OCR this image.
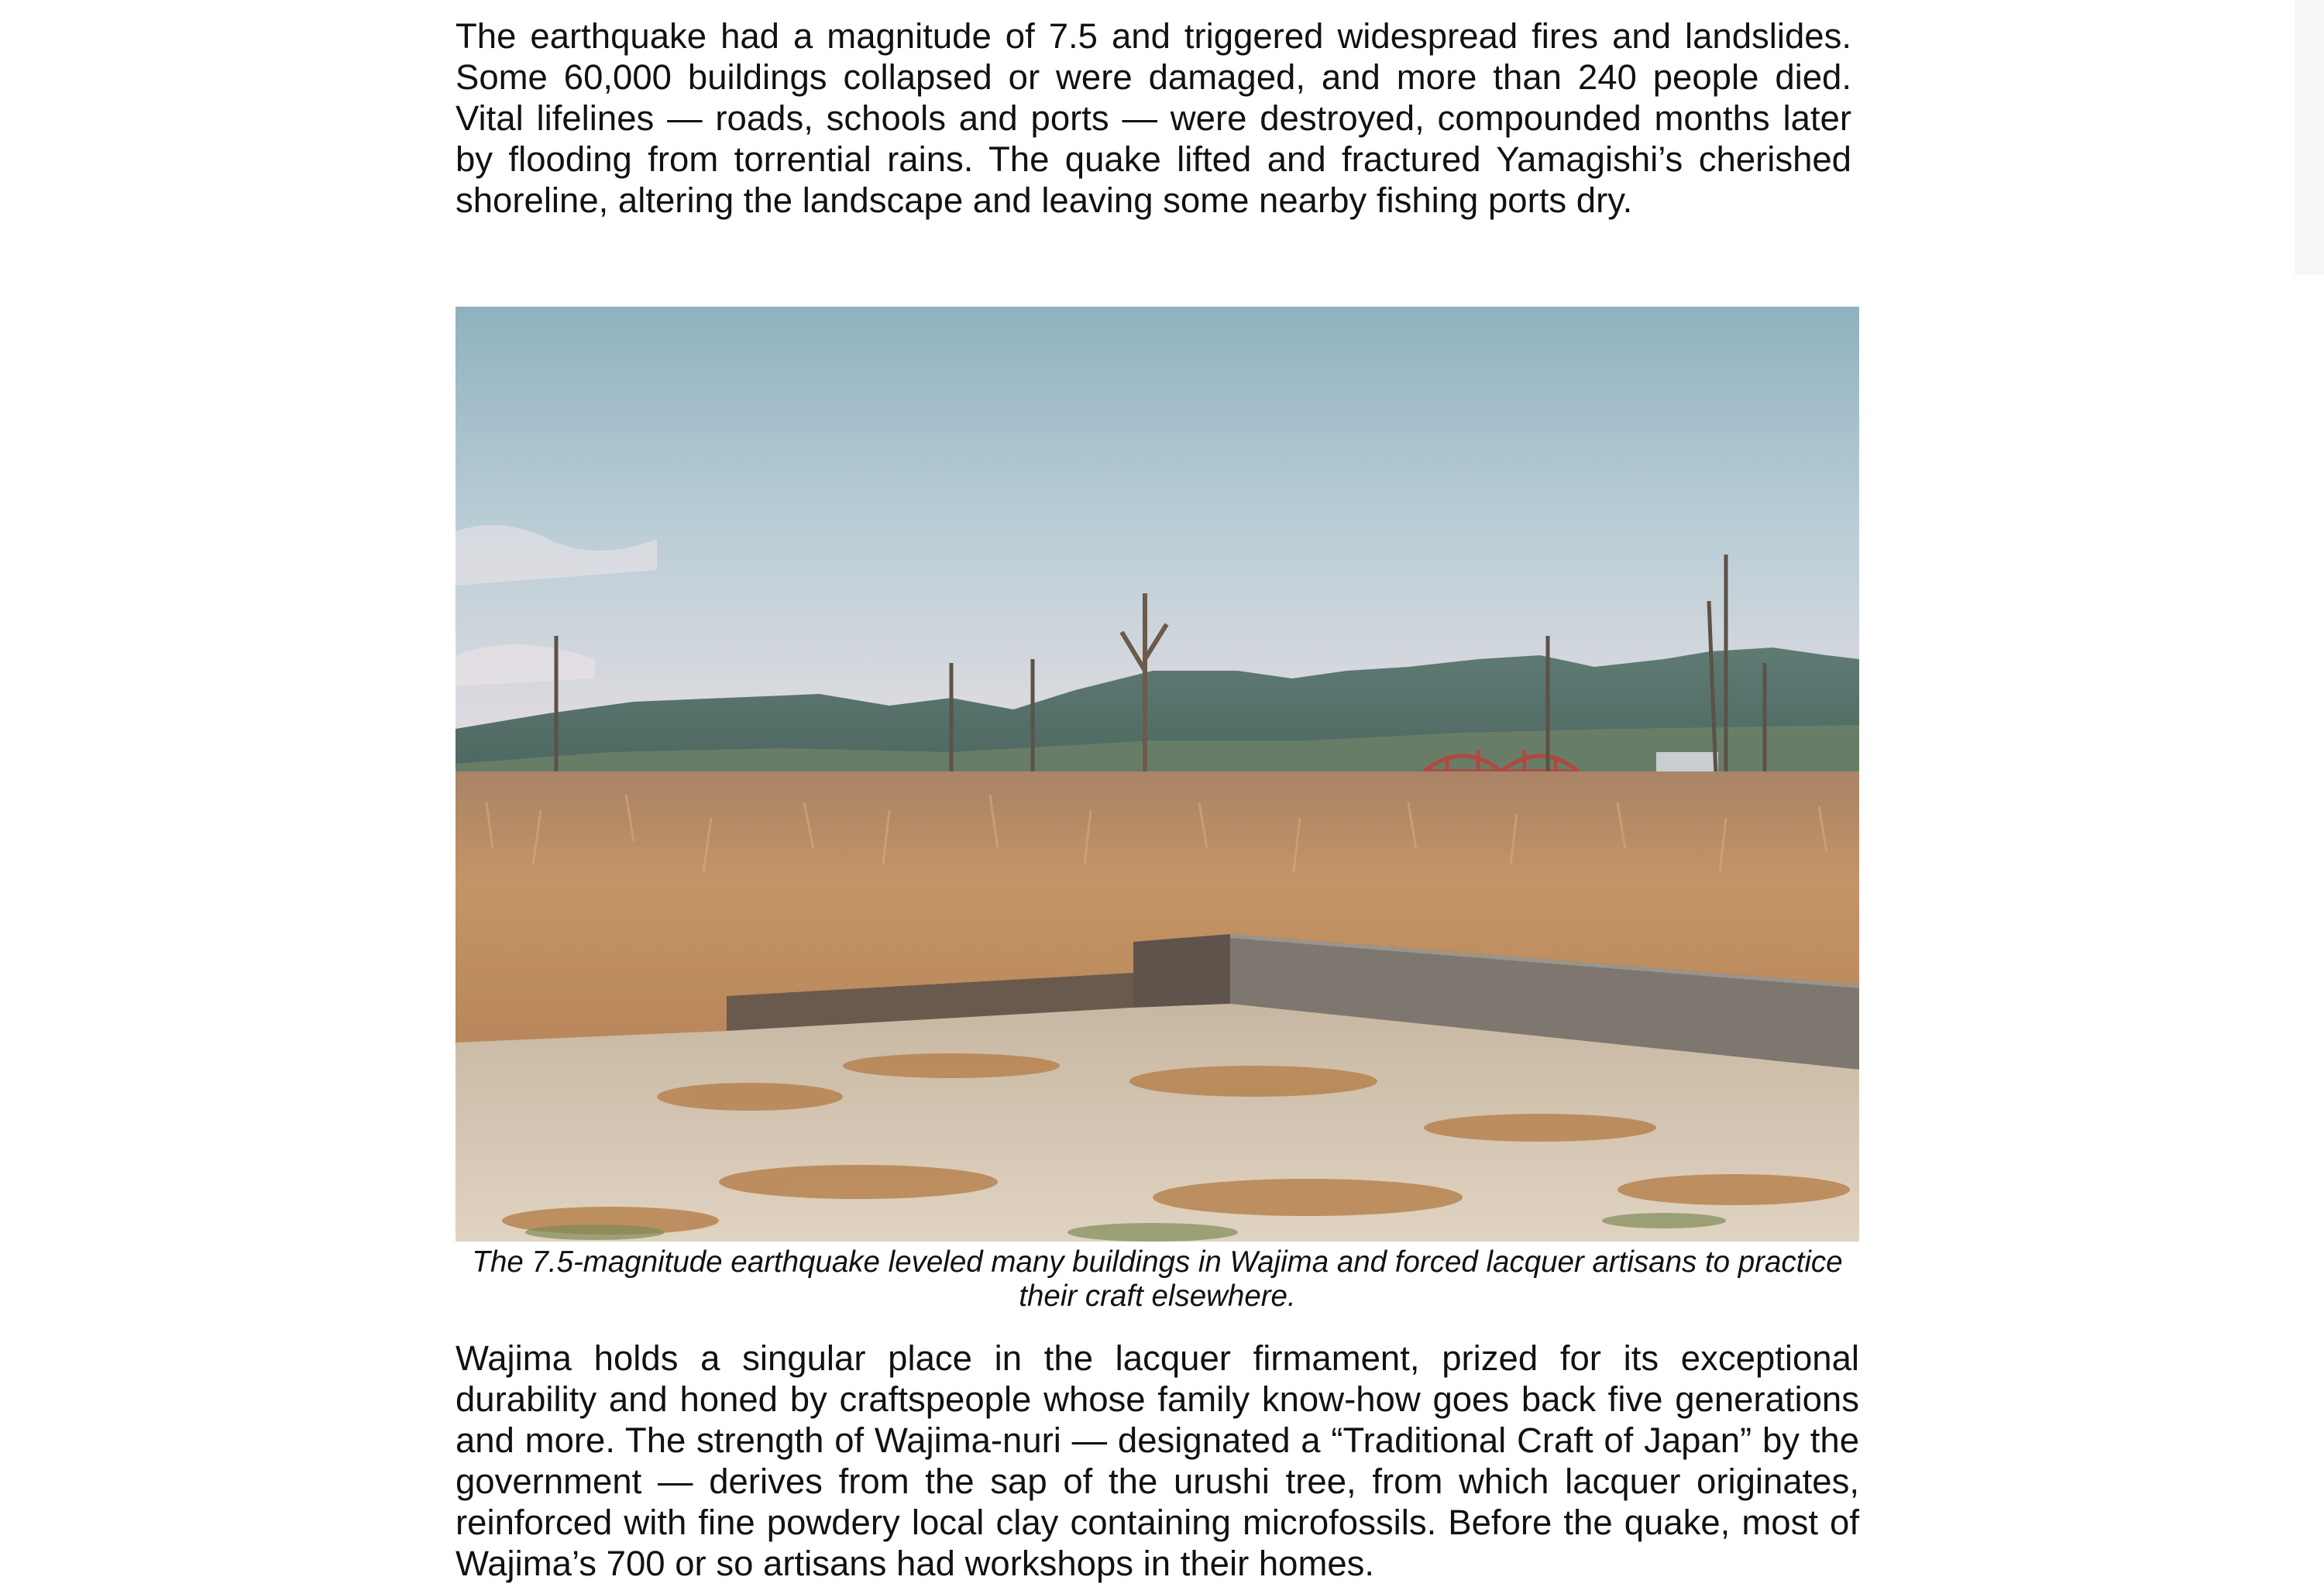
The earthquake had a magnitude of 7.5 and triggered widespread fires and landslides. Some 60,000 buildings collapsed or were damaged, and more than 240 people died. Vital lifelines — roads, schools and ports — were destroyed, compounded months later by flooding from torrential rains. The quake lifted and fractured Yamagishi’s cherished shoreline, altering the landscape and leaving some nearby fishing ports dry.

The 7.5-magnitude earthquake leveled many buildings in Wajima and forced lacquer artisans to practice their craft elsewhere.

Wajima holds a singular place in the lacquer firmament, prized for its exceptional durability and honed by craftspeople whose family know-how goes back five generations and more. The strength of Wajima-nuri — designated a “Traditional Craft of Japan” by the government — derives from the sap of the urushi tree, from which lacquer originates, reinforced with fine powdery local clay containing microfossils. Before the quake, most of Wajima’s 700 or so artisans had workshops in their homes.
